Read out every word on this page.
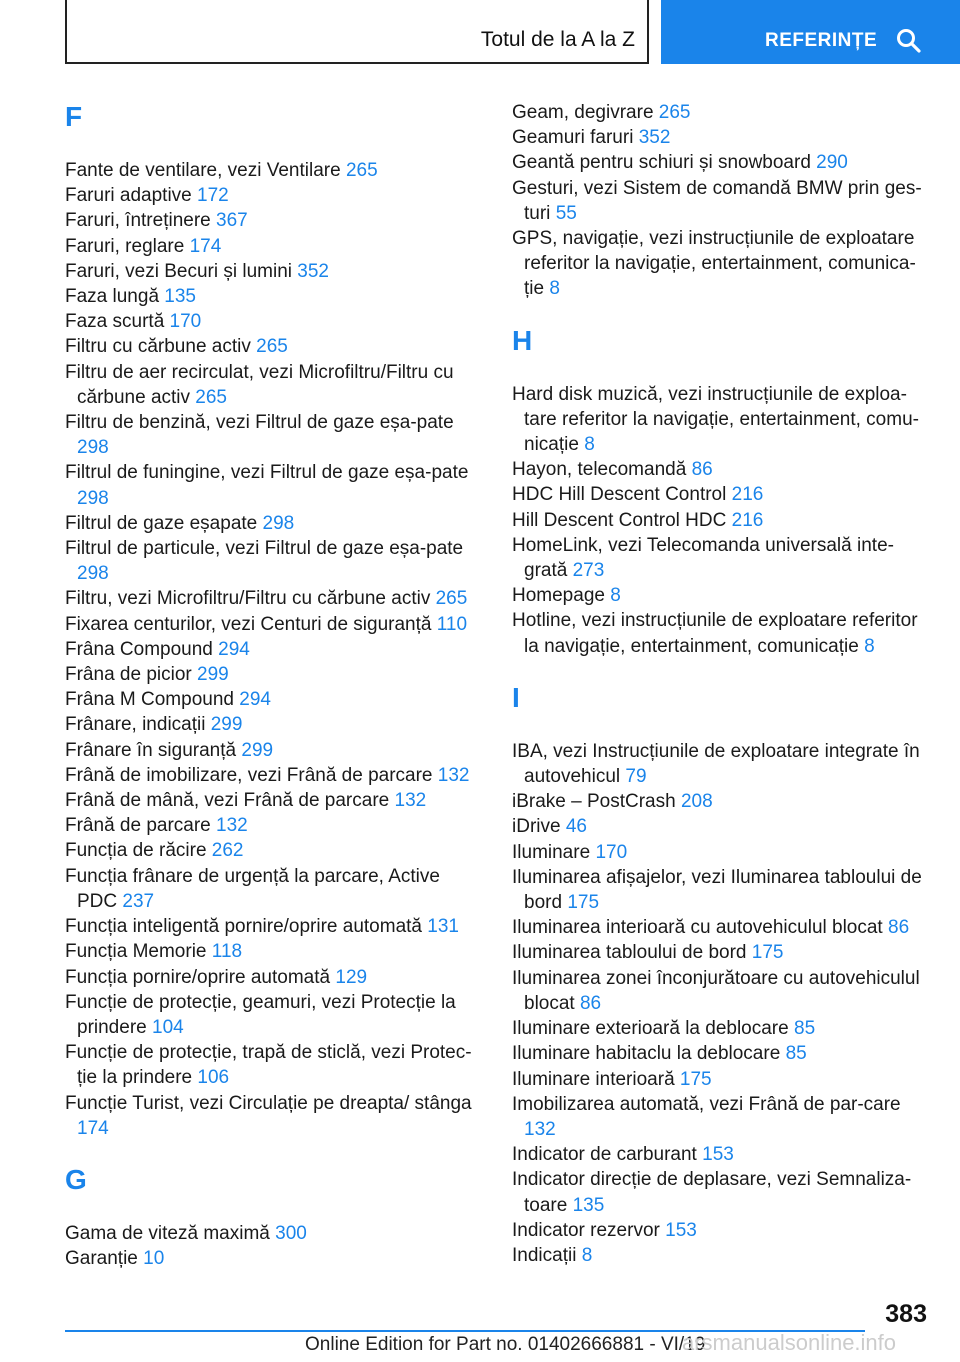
Totul de la A la Z	REFERINȚE
F

Fante de ventilare, vezi Ventilare 265

Faruri adaptive 172

Faruri, întreținere 367

Faruri, reglare 174

Faruri, vezi Becuri și lumini 352

Faza lungă 135

Faza scurtă 170

Filtru cu cărbune activ 265

Filtru de aer recirculat, vezi Microfiltru/Filtru cu cărbune activ 265

Filtru de benzină, vezi Filtrul de gaze eșa-pate 298

Filtrul de funingine, vezi Filtrul de gaze eșa-pate 298

Filtrul de gaze eșapate 298

Filtrul de particule, vezi Filtrul de gaze eșa-pate 298

Filtru, vezi Microfiltru/Filtru cu cărbune activ 265

Fixarea centurilor, vezi Centuri de siguranță 110

Frâna Compound 294

Frâna de picior 299

Frâna M Compound 294

Frânare, indicații 299

Frânare în siguranță 299

Frână de imobilizare, vezi Frână de parcare 132

Frână de mână, vezi Frână de parcare 132

Frână de parcare 132

Funcția de răcire 262

Funcția frânare de urgență la parcare, Active PDC 237

Funcția inteligentă pornire/oprire automată 131

Funcția Memorie 118

Funcția pornire/oprire automată 129

Funcție de protecție, geamuri, vezi Protecție la prindere 104

Funcție de protecție, trapă de sticlă, vezi Protec-ție la prindere 106

Funcție Turist, vezi Circulație pe dreapta/ stânga 174

G

Gama de viteză maximă 300

Garanție 10

Geam, degivrare 265

Geamuri faruri 352

Geantă pentru schiuri și snowboard 290

Gesturi, vezi Sistem de comandă BMW prin ges-turi 55

GPS, navigație, vezi instrucțiunile de exploatare referitor la navigație, entertainment, comunica-ție 8

H

Hard disk muzică, vezi instrucțiunile de exploa-tare referitor la navigație, entertainment, comu-nicație 8

Hayon, telecomandă 86

HDC Hill Descent Control 216

Hill Descent Control HDC 216

HomeLink, vezi Telecomanda universală inte-grată 273

Homepage 8

Hotline, vezi instrucțiunile de exploatare referitor la navigație, entertainment, comunicație 8

I

IBA, vezi Instrucțiunile de exploatare integrate în autovehicul 79

iBrake – PostCrash 208

iDrive 46

Iluminare 170

Iluminarea afișajelor, vezi Iluminarea tabloului de bord 175

Iluminarea interioară cu autovehiculul blocat 86

Iluminarea tabloului de bord 175

Iluminarea zonei înconjurătoare cu autovehiculul blocat 86

Iluminare exterioară la deblocare 85

Iluminare habitaclu la deblocare 85

Iluminare interioară 175

Imobilizarea automată, vezi Frână de par-care 132

Indicator de carburant 153

Indicator direcție de deplasare, vezi Semnaliza-toare 135

Indicator rezervor 153

Indicații 8

383
Online Edition for Part no. 01402666881 - VI/19
arsmanualsonline.info
